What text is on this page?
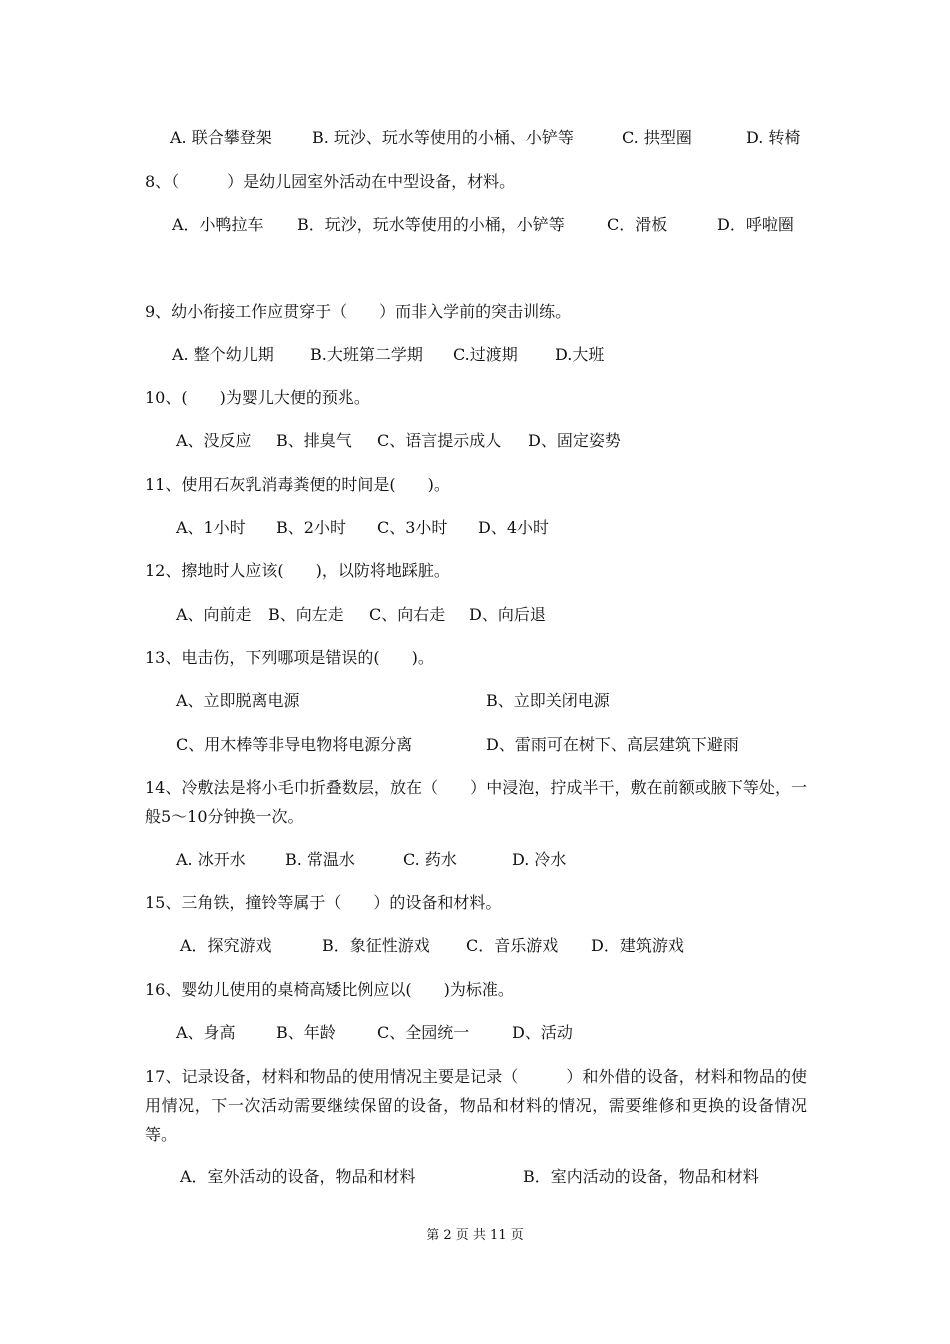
A. 联合攀登架	B. 玩沙、玩水等使用的小桶、小铲等	C. 拱型圈	D. 转椅
8、（　　　）是幼儿园室外活动在中型设备，材料。
A．小鸭拉车 B．玩沙，玩水等使用的小桶，小铲等	C．滑板	D．呼啦圈
9、幼小衔接工作应贯穿于（　　）而非入学前的突击训练。
A. 整个幼儿期 B.大班第二学期 C.过渡期 D.大班
10、(　　)为婴儿大便的预兆。
A、没反应 B、排臭气 C、语言提示成人 D、固定姿势
11、使用石灰乳消毒粪便的时间是(　　)。
A、1小时 B、2小时 C、3小时 D、4小时
12、擦地时人应该(　　)，以防将地踩脏。
A、向前走 B、向左走 C、向右走 D、向后退
13、电击伤，下列哪项是错误的(　　)。
A、立即脱离电源	B、立即关闭电源
C、用木棒等非导电物将电源分离	D、雷雨可在树下、高层建筑下避雨
14、冷敷法是将小毛巾折叠数层，放在（　　）中浸泡，拧成半干，敷在前额或腋下等处，一般5～10分钟换一次。
A. 冰开水 B. 常温水	C. 药水	D. 冷水
15、三角铁，撞铃等属于（　　）的设备和材料。
A．探究游戏	B．象征性游戏 C．音乐游戏 D．建筑游戏
16、婴幼儿使用的桌椅高矮比例应以(　　)为标准。
A、身高	B、年龄	C、全园统一	D、活动
17、记录设备，材料和物品的使用情况主要是记录（　　　）和外借的设备，材料和物品的使用情况，下一次活动需要继续保留的设备，物品和材料的情况，需要维修和更换的设备情况等。
A．室外活动的设备，物品和材料	B．室内活动的设备，物品和材料
第 2 页 共 11 页
